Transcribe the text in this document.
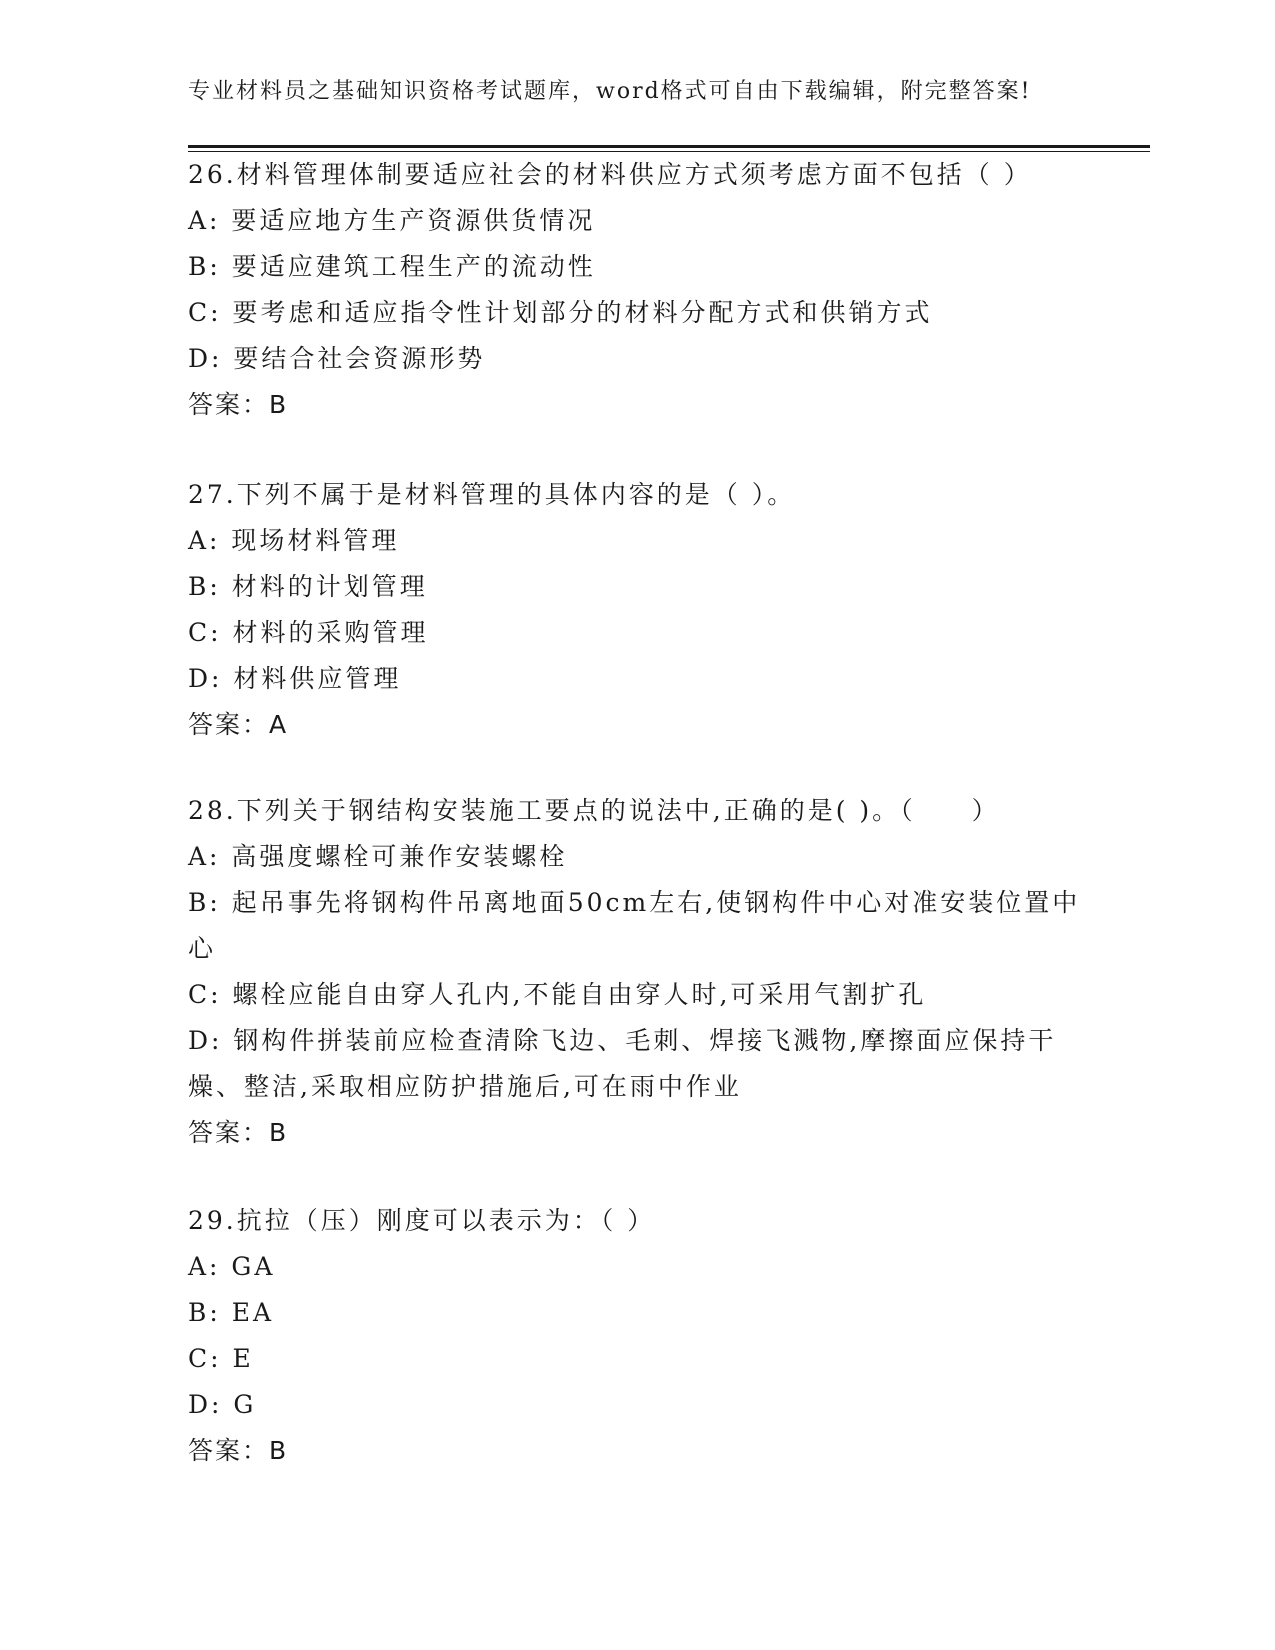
专业材料员之基础知识资格考试题库，word格式可自由下载编辑，附完整答案!
26.材料管理体制要适应社会的材料供应方式须考虑方面不包括（ ）
A: 要适应地方生产资源供货情况
B: 要适应建筑工程生产的流动性
C: 要考虑和适应指令性计划部分的材料分配方式和供销方式
D: 要结合社会资源形势
答案：B
27.下列不属于是材料管理的具体内容的是（ ）。
A: 现场材料管理
B: 材料的计划管理
C: 材料的采购管理
D: 材料供应管理
答案：A
28.下列关于钢结构安装施工要点的说法中,正确的是( )。（　　）
A: 高强度螺栓可兼作安装螺栓
B: 起吊事先将钢构件吊离地面50cm左右,使钢构件中心对准安装位置中心
C: 螺栓应能自由穿人孔内,不能自由穿人时,可采用气割扩孔
D: 钢构件拼装前应检查清除飞边、毛刺、焊接飞溅物,摩擦面应保持干燥、整洁,采取相应防护措施后,可在雨中作业
答案：B
29.抗拉（压）刚度可以表示为：（ ）
A: GA
B: EA
C: E
D: G
答案：B
